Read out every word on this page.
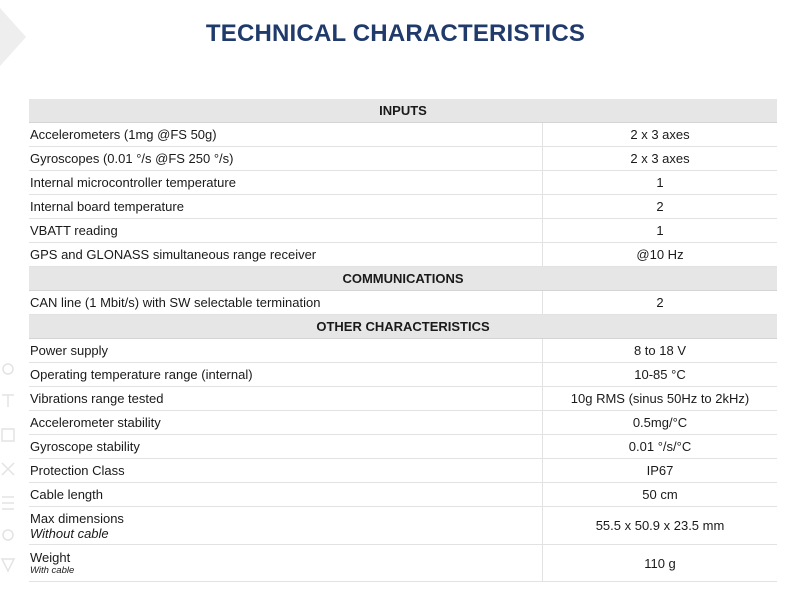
TECHNICAL CHARACTERISTICS
INPUTS
Accelerometers (1mg @FS 50g)	2 x 3 axes
Gyroscopes (0.01 °/s @FS 250 °/s)	2 x 3 axes
Internal microcontroller temperature	1
Internal board temperature	2
VBATT reading	1
GPS and GLONASS simultaneous range receiver	@10 Hz
COMMUNICATIONS
CAN line (1 Mbit/s) with SW selectable termination	2
OTHER CHARACTERISTICS
Power supply	8 to 18 V
Operating temperature range (internal)	10-85 °C
Vibrations range tested	10g RMS (sinus 50Hz to 2kHz)
Accelerometer stability	0.5mg/°C
Gyroscope stability	0.01 °/s/°C
Protection Class	IP67
Cable length	50 cm
Max dimensions
Without cable	55.5 x 50.9 x 23.5 mm
Weight
With cable	110 g
